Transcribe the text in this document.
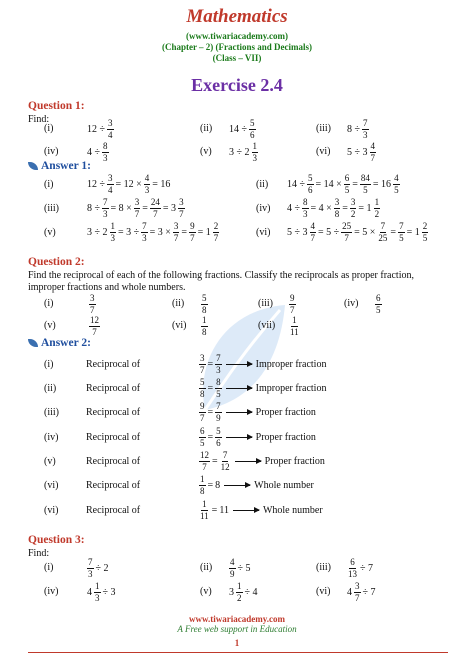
Mathematics
(www.tiwariacademy.com)
(Chapter – 2) (Fractions and Decimals)
(Class – VII)
Exercise 2.4
Question 1:
Find:
(i)	$12 \div \frac{3}{4}$	(ii) $14 \div \frac{5}{6}$	(iii) $8 \div \frac{7}{3}$
(iv)	$4 \div \frac{8}{3}$	(v) $3 \div 2 \frac{1}{3}$	(vi) $5 \div 3 \frac{4}{7}$
Answer 1:
(i)	$12 \div \frac{3}{4} = 12 \times \frac{4}{3} = 16$	(ii) $14 \div \frac{5}{6} = 14 \times \frac{6}{5} = \frac{84}{5} = 16 \frac{4}{5}$
(iii)	$8 \div \frac{7}{3} = 8 \times \frac{3}{7} = \frac{24}{7} = 3 \frac{3}{7}$	(iv) $4 \div \frac{8}{3} = 4 \times \frac{3}{8} = \frac{3}{2} = 1 \frac{1}{2}$
(v)	$3 \div 2 \frac{1}{3} = 3 \div \frac{7}{3} = 3 \times \frac{3}{7} = \frac{9}{7} = 1 \frac{2}{7}$	(vi) $5 \div 3 \frac{4}{7} = 5 \div \frac{25}{7} = 5 \times \frac{7}{25} = \frac{7}{5} = 1 \frac{2}{5}$
Question 2:
Find the reciprocal of each of the following fractions. Classify the reciprocals as proper fraction, improper fractions and whole numbers.
(i)	$\frac{3}{7}$	$(ii) \frac{5}{8}$	$(iii) \frac{9}{7}$	$(iv) \frac{6}{5}$
(v)	$\frac{12}{7}$	$(vi) \frac{1}{8}$	$(vii) \frac{1}{11}$
Answer 2:
(i)	Reciprocal of	$\frac{3}{7} = \frac{7}{3}$	Improper fraction
(ii)	Reciprocal of	$\frac{5}{8} = \frac{8}{5}$	Improper fraction
(iii)	Reciprocal of	$\frac{9}{7} = \frac{7}{9}$	Proper fraction
(iv)	Reciprocal of	$\frac{6}{5} = \frac{5}{6}$	Proper fraction
(v)	Reciprocal of	$\frac{12}{7} = \frac{7}{12}$	Proper fraction
(vi)	Reciprocal of	$\frac{1}{8} = 8$	Whole number
(vi)	Reciprocal of	$\frac{1}{11} = 11$	Whole number
Question 3:
Find:
(i)	$\frac{7}{3} \div 2$	$(ii) \frac{4}{9} \div 5$	$(iii) \frac{6}{13} \div 7$
(iv)	$4 \frac{1}{3} \div 3$	(v) $3 \frac{1}{2} \div 4$	(vi) $4 \frac{3}{7} \div 7$
www.tiwariacademy.com
A Free web support in Education
1
